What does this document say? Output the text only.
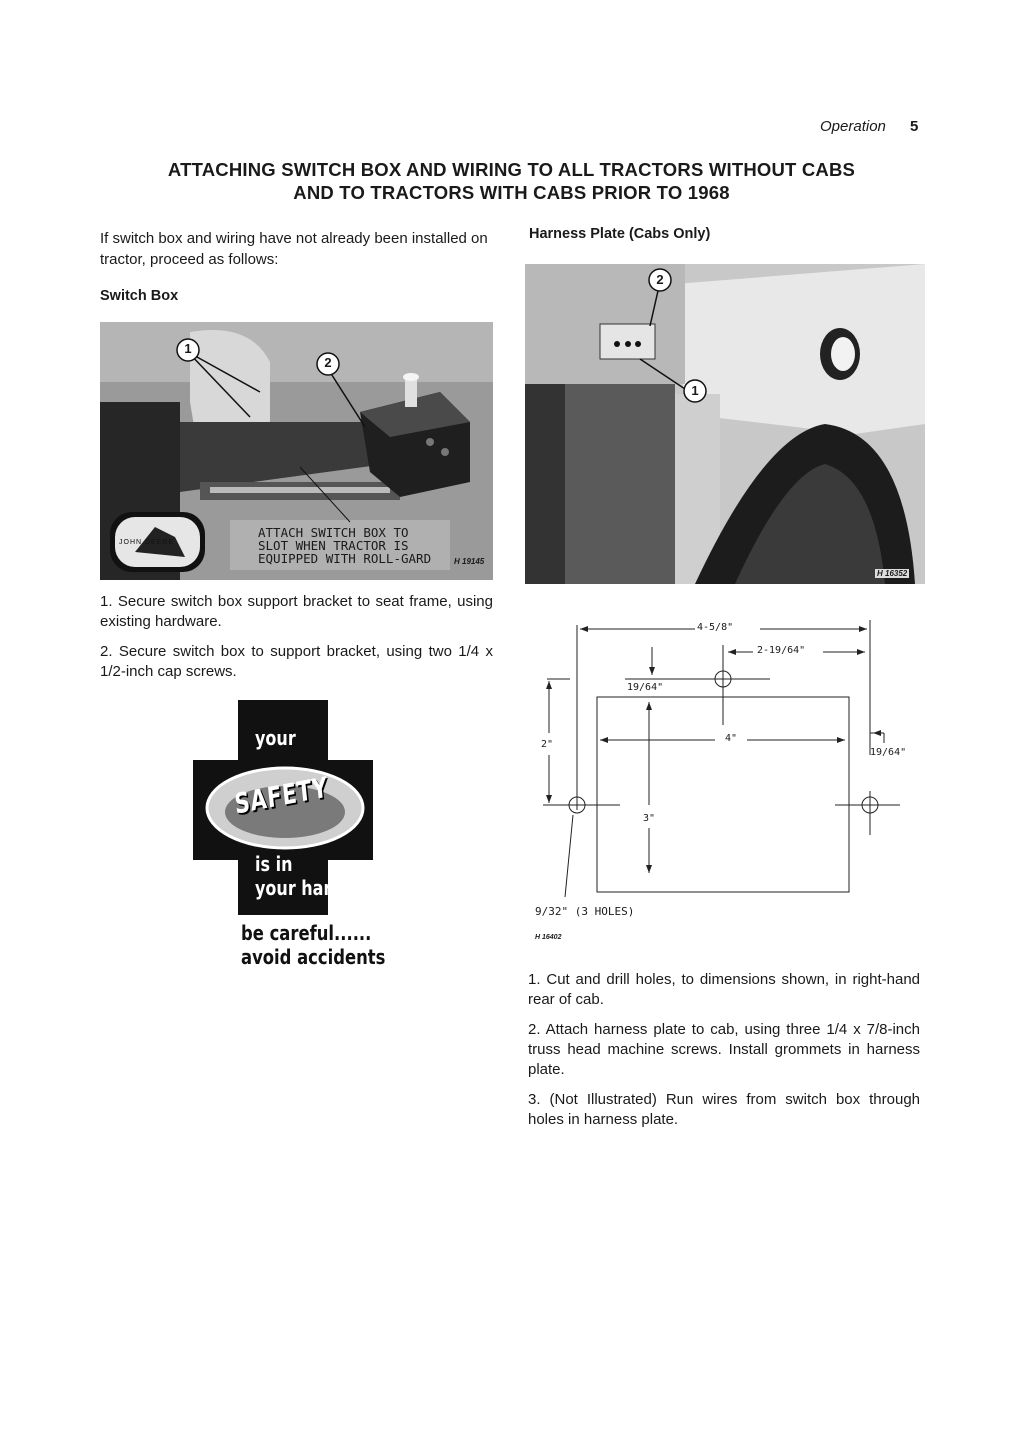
Operation 5
ATTACHING SWITCH BOX AND WIRING TO ALL TRACTORS WITHOUT CABS
AND TO TRACTORS WITH CABS PRIOR TO 1968
If switch box and wiring have not already been installed on tractor, proceed as follows:
Switch Box
Harness Plate (Cabs Only)
1
2
JOHN DEERE
ATTACH SWITCH BOX TO
SLOT WHEN TRACTOR IS
EQUIPPED WITH ROLL-GARD	H 19145
2
1
H 16352

1. Secure switch box support bracket to seat frame, using existing hardware.

2. Secure switch box to support bracket, using two 1/4 x 1/2-inch cap screws.

your
SAFETY
is in
your hands
be careful......
avoid accidents
4-5/8"
2-19/64"
19/64"
2"
4"
19/64"
3"
9/32" (3 HOLES)
H 16402

1. Cut and drill holes, to dimensions shown, in right-hand rear of cab.

2. Attach harness plate to cab, using three 1/4 x 7/8-inch truss head machine screws. Install grommets in harness plate.

3. (Not Illustrated) Run wires from switch box through holes in harness plate.
